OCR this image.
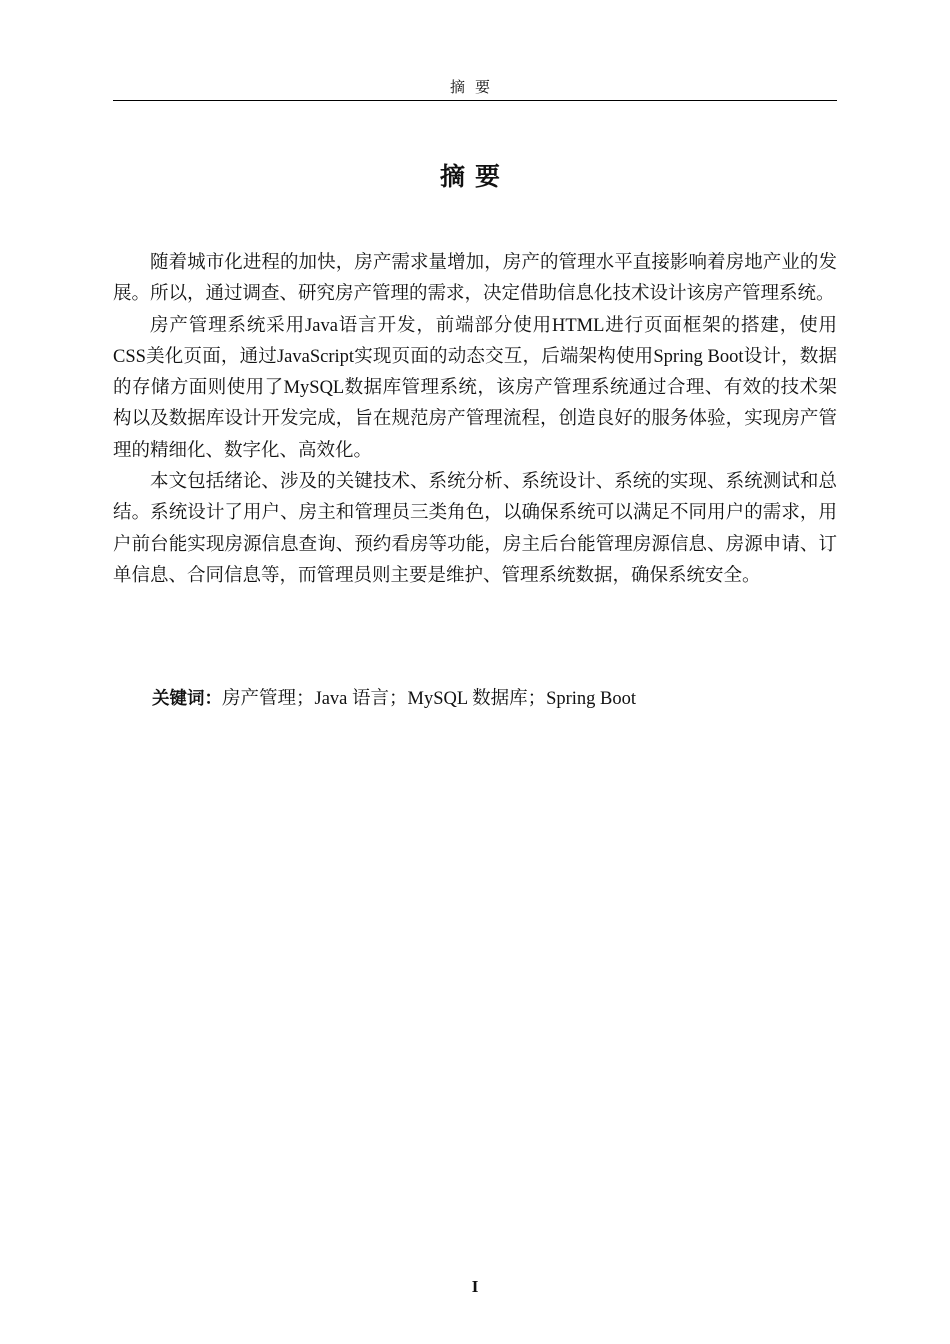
摘要
摘要

随着城市化进程的加快，房产需求量增加，房产的管理水平直接影响着房地产业的发展。所以，通过调查、研究房产管理的需求，决定借助信息化技术设计该房产管理系统。

房产管理系统采用Java语言开发，前端部分使用HTML进行页面框架的搭建，使用CSS美化页面，通过JavaScript实现页面的动态交互，后端架构使用Spring Boot设计，数据的存储方面则使用了MySQL数据库管理系统，该房产管理系统通过合理、有效的技术架构以及数据库设计开发完成，旨在规范房产管理流程，创造良好的服务体验，实现房产管理的精细化、数字化、高效化。

本文包括绪论、涉及的关键技术、系统分析、系统设计、系统的实现、系统测试和总结。系统设计了用户、房主和管理员三类角色，以确保系统可以满足不同用户的需求，用户前台能实现房源信息查询、预约看房等功能，房主后台能管理房源信息、房源申请、订单信息、合同信息等，而管理员则主要是维护、管理系统数据，确保系统安全。

关键词：房产管理；Java 语言；MySQL 数据库；Spring Boot
I
